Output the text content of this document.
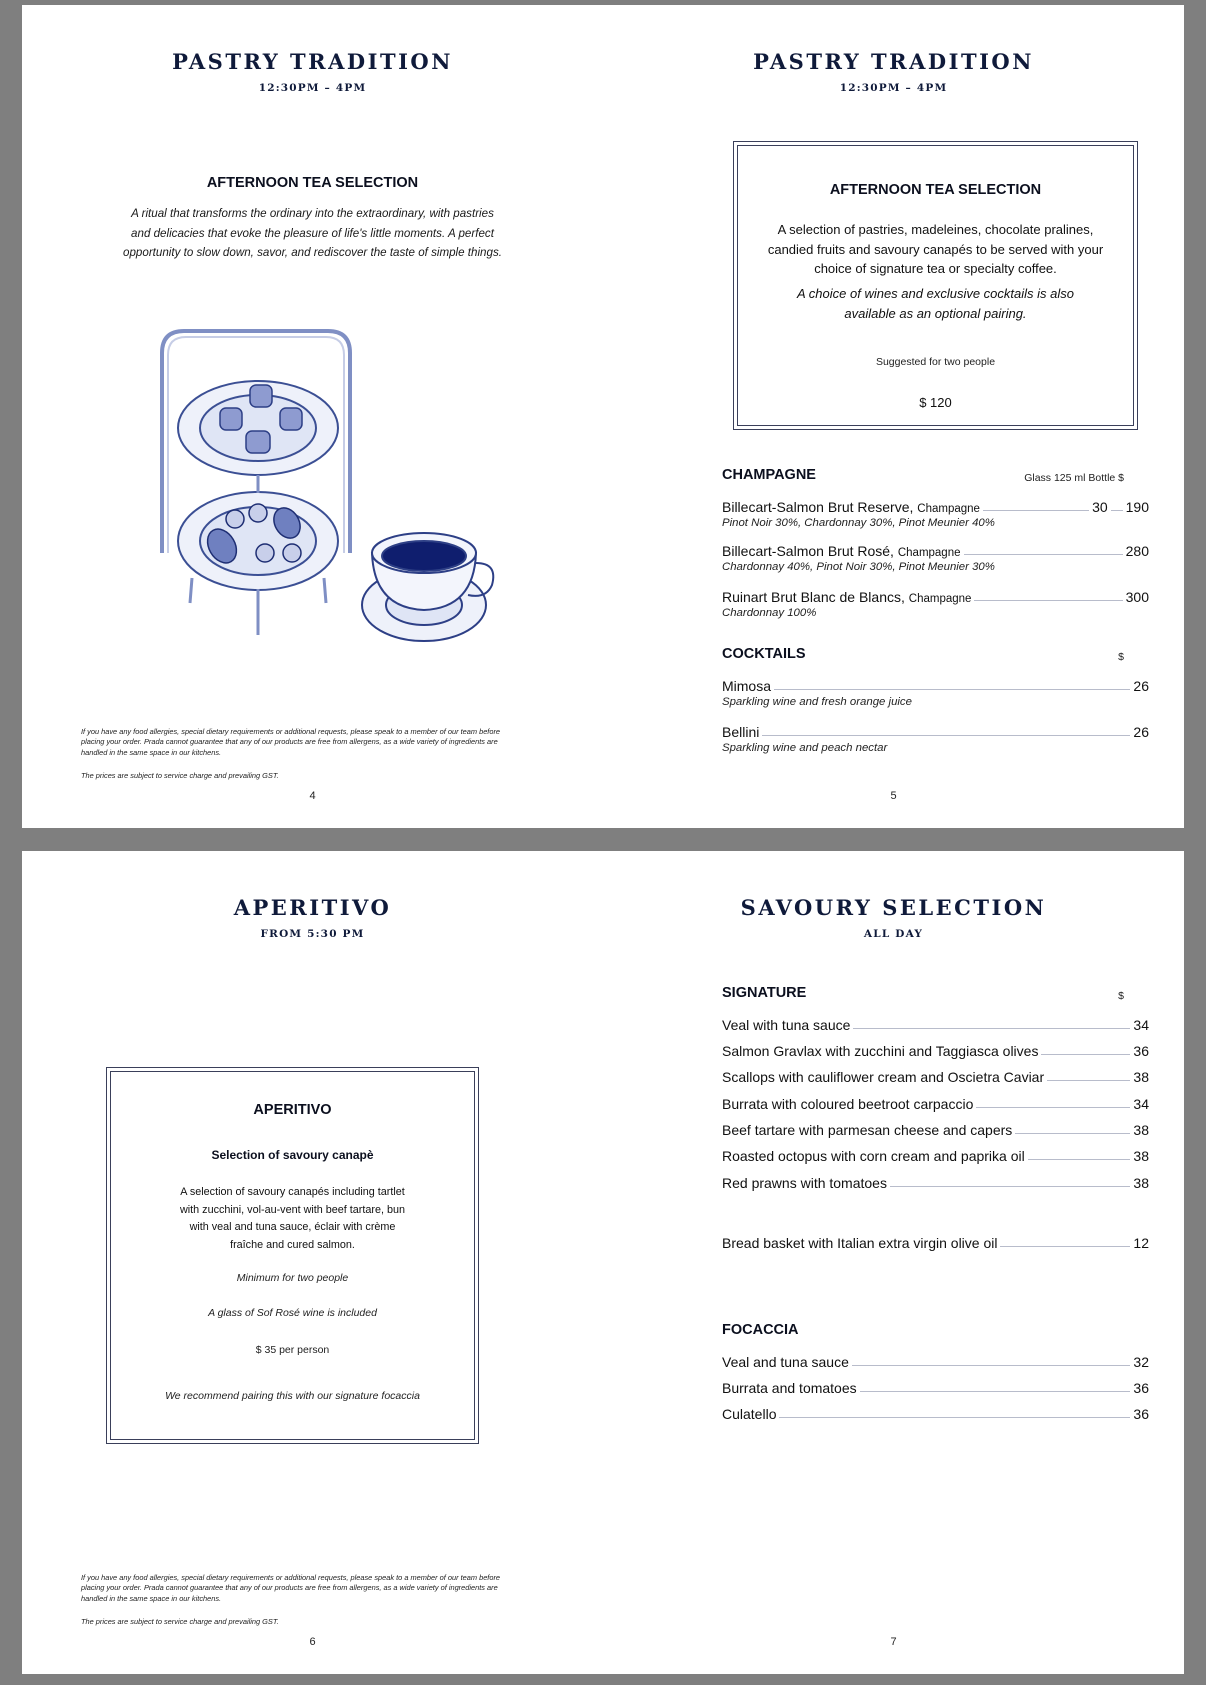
PASTRY TRADITION
12:30PM – 4PM
AFTERNOON TEA SELECTION
A ritual that transforms the ordinary into the extraordinary, with pastries and delicacies that evoke the pleasure of life's little moments. A perfect opportunity to slow down, savor, and rediscover the taste of simple things.
If you have any food allergies, special dietary requirements or additional requests, please speak to a member of our team before placing your order. Prada cannot guarantee that any of our products are free from allergens, as a wide variety of ingredients are handled in the same space in our kitchens.
The prices are subject to service charge and prevailing GST.
4
PASTRY TRADITION
12:30PM – 4PM
AFTERNOON TEA SELECTION
A selection of pastries, madeleines, chocolate pralines, candied fruits and savoury canapés to be served with your choice of signature tea or specialty coffee.
A choice of wines and exclusive cocktails is also available as an optional pairing.
Suggested for two people
$ 120
CHAMPAGNE	Glass 125 ml Bottle $
Billecart-Salmon Brut Reserve, Champagne	30 190
Pinot Noir 30%, Chardonnay 30%, Pinot Meunier 40%
Billecart-Salmon Brut Rosé, Champagne	280
Chardonnay 40%, Pinot Noir 30%, Pinot Meunier 30%
Ruinart Brut Blanc de Blancs, Champagne	300
Chardonnay 100%
COCKTAILS	$
Mimosa	26
Sparkling wine and fresh orange juice
Bellini	26
Sparkling wine and peach nectar
5
APERITIVO
FROM 5:30 PM
APERITIVO
Selection of savoury canapè
A selection of savoury canapés including tartlet with zucchini, vol-au-vent with beef tartare, bun with veal and tuna sauce, éclair with crème fraîche and cured salmon.
Minimum for two people
A glass of Sof Rosé wine is included
$ 35 per person
We recommend pairing this with our signature focaccia
If you have any food allergies, special dietary requirements or additional requests, please speak to a member of our team before placing your order. Prada cannot guarantee that any of our products are free from allergens, as a wide variety of ingredients are handled in the same space in our kitchens.
The prices are subject to service charge and prevailing GST.
6
SAVOURY SELECTION
ALL DAY
SIGNATURE	$
Veal with tuna sauce	34
Salmon Gravlax with zucchini and Taggiasca olives	36
Scallops with cauliflower cream and Oscietra Caviar	38
Burrata with coloured beetroot carpaccio	34
Beef tartare with parmesan cheese and capers	38
Roasted octopus with corn cream and paprika oil	38
Red prawns with tomatoes	38
Bread basket with Italian extra virgin olive oil	12
FOCACCIA
Veal and tuna sauce	32
Burrata and tomatoes	36
Culatello	36
7
